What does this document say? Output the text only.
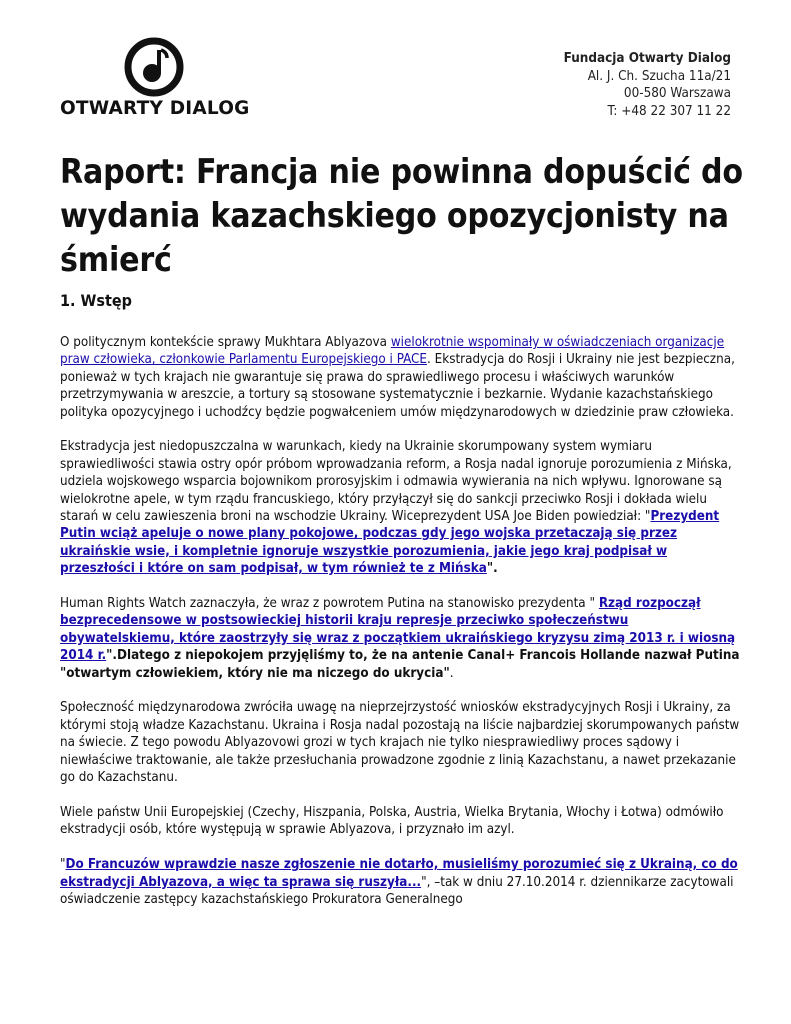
OTWARTY DIALOG
Fundacja Otwarty Dialog
Al. J. Ch. Szucha 11a/21
00-580 Warszawa
T: +48 22 307 11 22
Raport: Francja nie powinna dopuścić do wydania kazachskiego opozycjonisty na śmierć
1. Wstęp

O politycznym kontekście sprawy Mukhtara Ablyazova wielokrotnie wspominały w oświadczeniach organizacje praw człowieka, członkowie Parlamentu Europejskiego i PACE. Ekstradycja do Rosji i Ukrainy nie jest bezpieczna, ponieważ w tych krajach nie gwarantuje się prawa do sprawiedliwego procesu i właściwych warunków przetrzymywania w areszcie, a tortury są stosowane systematycznie i bezkarnie. Wydanie kazachstańskiego polityka opozycyjnego i uchodźcy będzie pogwałceniem umów międzynarodowych w dziedzinie praw człowieka.

Ekstradycja jest niedopuszczalna w warunkach, kiedy na Ukrainie skorumpowany system wymiaru sprawiedliwości stawia ostry opór próbom wprowadzania reform, a Rosja nadal ignoruje porozumienia z Mińska, udziela wojskowego wsparcia bojownikom prorosyjskim i odmawia wywierania na nich wpływu. Ignorowane są wielokrotne apele, w tym rządu francuskiego, który przyłączył się do sankcji przeciwko Rosji i dokłada wielu starań w celu zawieszenia broni na wschodzie Ukrainy. Wiceprezydent USA Joe Biden powiedział: "Prezydent Putin wciąż apeluje o nowe plany pokojowe, podczas gdy jego wojska przetaczają się przez ukraińskie wsie, i kompletnie ignoruje wszystkie porozumienia, jakie jego kraj podpisał w przeszłości i które on sam podpisał, w tym również te z Mińska".

Human Rights Watch zaznaczyła, że wraz z powrotem Putina na stanowisko prezydenta " Rząd rozpoczął bezprecedensowe w postsowieckiej historii kraju represje przeciwko społeczeństwu obywatelskiemu, które zaostrzyły się wraz z początkiem ukraińskiego kryzysu zimą 2013 r. i wiosną 2014 r.".Dlatego z niepokojem przyjęliśmy to, że na antenie Canal+ Francois Hollande nazwał Putina "otwartym człowiekiem, który nie ma niczego do ukrycia".

Społeczność międzynarodowa zwróciła uwagę na nieprzejrzystość wniosków ekstradycyjnych Rosji i Ukrainy, za którymi stoją władze Kazachstanu. Ukraina i Rosja nadal pozostają na liście najbardziej skorumpowanych państw na świecie. Z tego powodu Ablyazovowi grozi w tych krajach nie tylko niesprawiedliwy proces sądowy i niewłaściwe traktowanie, ale także przesłuchania prowadzone zgodnie z linią Kazachstanu, a nawet przekazanie go do Kazachstanu.

Wiele państw Unii Europejskiej (Czechy, Hiszpania, Polska, Austria, Wielka Brytania, Włochy i Łotwa) odmówiło ekstradycji osób, które występują w sprawie Ablyazova, i przyznało im azyl.

"Do Francuzów wprawdzie nasze zgłoszenie nie dotarło, musieliśmy porozumieć się z Ukrainą, co do ekstradycji Ablyazova, a więc ta sprawa się ruszyła...", –tak w dniu 27.10.2014 r. dziennikarze zacytowali oświadczenie zastępcy kazachstańskiego Prokuratora Generalnego
